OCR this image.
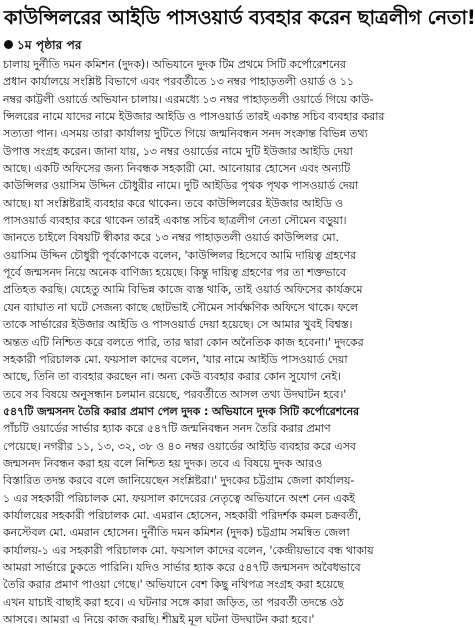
কাউন্সিলরের আইডি পাসওয়ার্ড ব্যবহার করেন ছাত্রলীগ নেতা!
১ম পৃষ্ঠার পর
চালায় দুর্নীতি দমন কমিশন (দুদক)। অভিযানে দুদক টিম প্রথমে সিটি কর্পোরেশনের
প্রধান কার্যালয়ে সংশ্লিষ্ট বিভাগে এবং পরবর্তীতে ১৩ নম্বর পাহাড়তলী ওয়ার্ড ও ১১
নম্বর কাট্টলী ওয়ার্ডে অভিযান চালায়। এরমধ্যে ১৩ নম্বর পাহাড়তলী ওয়ার্ডে গিয়ে কাউ-
ন্সিলরের নামে যাদের নামে ইউজার আইডি ও পাসওয়ার্ড তারই একান্ত সচিব ব্যবহার করার
সত্যতা পান। এসময় তারা কার্যালয় দুটিতে গিয়ে জন্মনিবন্ধন সনদ সংক্রান্ত বিভিন্ন তথ্য
উপাত্ত সংগ্রহ করেন। জানা যায়, ১৩ নম্বর ওয়ার্ডের নামে দুটি ইউজার আইডি দেয়া
আছে। একটি অফিসের জন্য নিবন্ধক সহকারী মো. আনোয়ার হোসেন এবং অন্যটি
কাউন্সিলর ওয়াসিম উদ্দিন চৌধুরীর নামে। দুটি আইডির পৃথক পৃথক পাসওয়ার্ড দেয়া
আছে। যা সংশ্লিষ্টরাই ব্যবহার করে থাকেন। তবে কাউন্সিলরের ইউজার আইডি ও
পাসওয়ার্ড ব্যবহার করে থাকেন তারই একান্ত সচিব ছাত্রলীগ নেতা সৌমেন বড়ুয়া।
জানতে চাইলে বিষয়টি স্বীকার করে ১৩ নম্বর পাহাড়তলী ওয়ার্ড কাউন্সিলর মো.
ওয়াসিম উদ্দিন চৌধুরী পূর্বকোণকে বলেন, 'কাউন্সিলর হিসেবে আমি দায়িত্ব গ্রহণের
পূর্বে জন্মসনদ নিয়ে অনেক বাণিজ্য হয়েছে। কিন্তু দায়িত্ব গ্রহণের পর তা শক্তভাবে
প্রতিহত করছি। যেহেতু আমি বিভিন্ন কাজে ব্যস্ত থাকি, তাই ওয়ার্ড অফিসের কার্যক্রমে
যেন ব্যাঘাত না ঘটে সেজন্য কাছে ছোটভাই সৌমেন সার্বক্ষণিক অফিসে থাকে। ফলে
তাকে সার্ভারের ইউজার আইডি ও পাসওয়ার্ড দেয়া হয়েছে। সে আমার খুবই বিশ্বস্ত।
অন্তত এটি নিশ্চিত করে বলতে পারি, তার দ্বারা কোন অনৈতিক কাজ হবেনা।' দুদকের
সহকারী পরিচালক মো. ফয়সাল কাদের বলেন, 'যার নামে আইডি পাসওয়ার্ড দেয়া
আছে, তিনি তা ব্যবহার করছেন না। অন্য কেউ ব্যবহার করার কোন সুযোগ নেই।
তবে সব বিষয়ে অনুসন্ধান চলমান রয়েছে, পরবর্তীতে আসল তথ্য উদঘাটন হবে।'
৫৪৭টি জন্মসনদ তৈরি করার প্রমাণ পেল দুদক : অভিযানে দুদক সিটি কর্পোরেশনের
পাঁচটি ওয়ার্ডের সার্ভার হ্যাক করে ৫৪৭টি জন্মনিবন্ধন সনদ তৈরি করার প্রমাণ
পেয়েছে। নগরীর ১১, ১৩, ৩২, ৩৮ ও ৪০ নম্বর ওয়ার্ডের আইডি ব্যবহার করে এসব
জন্মসনদ নিবন্ধন করা হয় বলে নিশ্চিত হয় দুদক। তবে এ বিষয়ে দুদক আরও
বিস্তারিত তদন্ত করবে বলে জানিয়েছেন সংশ্লিষ্টরা।' দুদকের চট্টগ্রাম জেলা কার্যালয়-
১ এর সহকারী পরিচালক মো. ফয়সাল কাদেরের নেতৃত্বে অভিযানে অংশ নেন একই
কার্যালয়ের সহকারী পরিচালক মো. এমরান হোসেন, সহকারী পরিদর্শক কমল চক্রবর্তী,
কনস্টেবল মো. এমরান হোসেন। দুর্নীতি দমন কমিশন (দুদক) চট্টগ্রাম সমন্বিত জেলা
কার্যালয়-১ এর সহকারী পরিচালক মো. ফয়সাল কাদের বলেন, 'কেন্দ্রীয়ভাবে বন্ধ থাকায়
আমরা সার্ভারে ঢুকতে পারিনি। যদিও সার্ভার হ্যাক করে ৫৪৭টি জন্মসনদ অবৈধভাবে
তৈরি করার প্রমাণ পাওয়া গেছে।' অভিযানে বেশ কিছু নথিপত্র সংগ্রহ করা হয়েছে
এখন যাচাই বাছাই করা হবে। এ ঘটনার সঙ্গে কারা জড়িত, তা পরবর্তী তদন্তে ওঠ
আসবে। আমরা এ নিয়ে কাজ করছি। শীঘ্রই মূল ঘটনা উদঘাটন করা হবে।'
